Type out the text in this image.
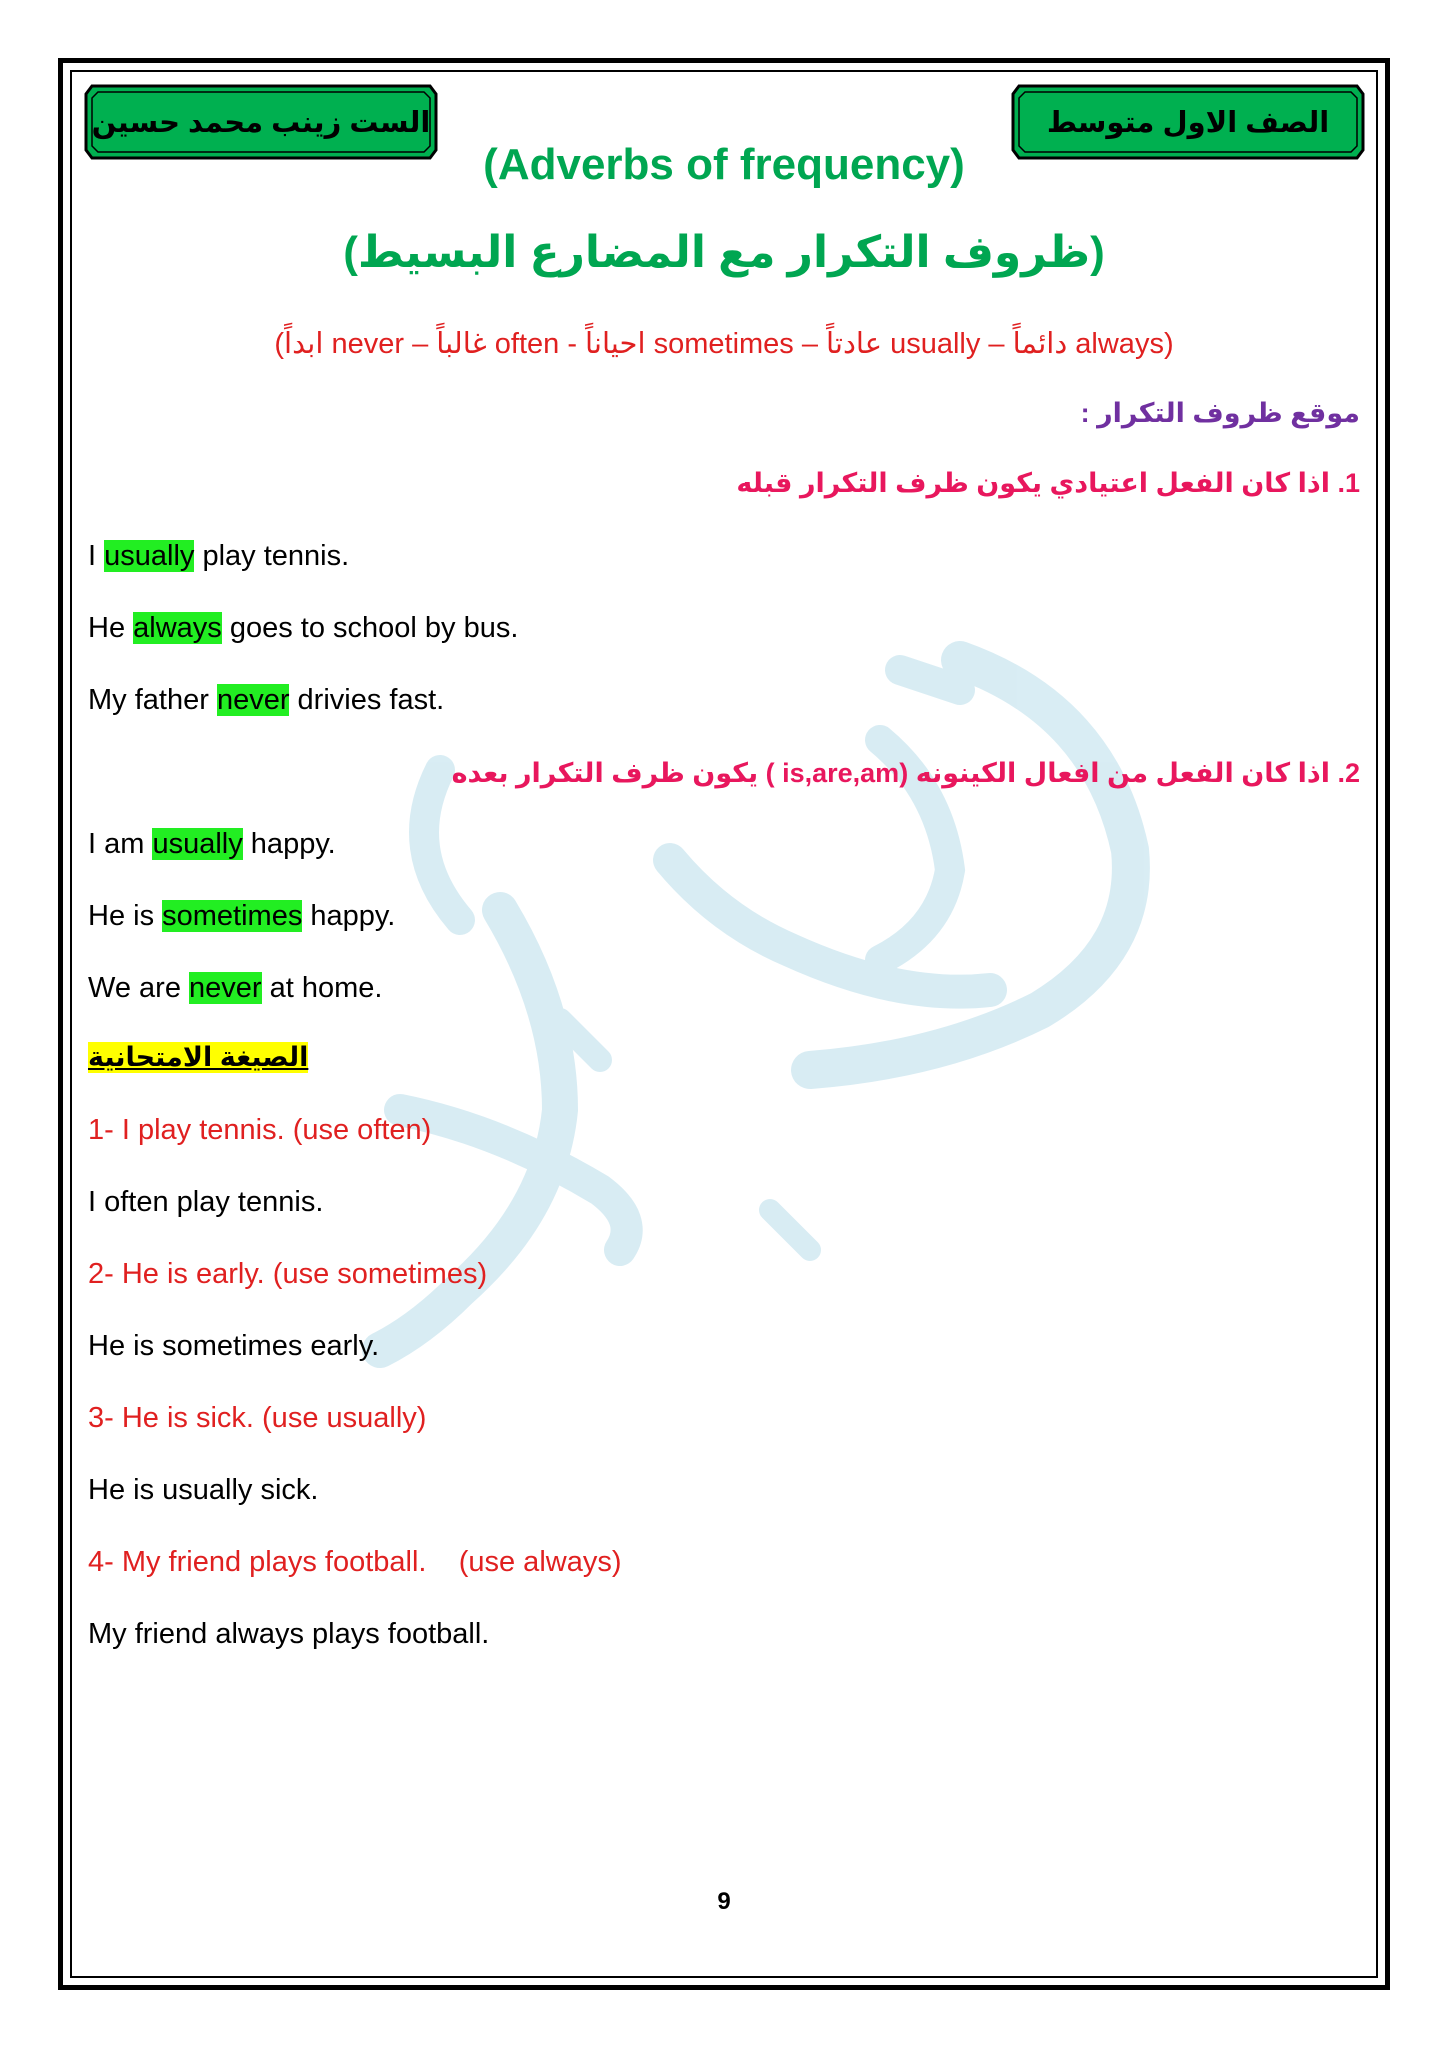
الست زينب محمد حسين	الصف الاول متوسط
(Adverbs of frequency)
(ظروف التكرار مع المضارع البسيط)
(always دائماً – usually عادتاً – sometimes احياناً - often غالباً – never ابداً)
موقع ظروف التكرار :
1. اذا كان الفعل اعتيادي يكون ظرف التكرار قبله
I usually play tennis.
He always goes to school by bus.
My father never drivies fast.
2. اذا كان الفعل من افعال الكينونه (is,are,am ) يكون ظرف التكرار بعده
I am usually happy.
He is sometimes happy.
We are never at home.
الصيغة الامتحانية
1- I play tennis. (use often)
I often play tennis.
2- He is early. (use sometimes)
He is sometimes early.
3- He is sick. (use usually)
He is usually sick.
4- My friend plays football.    (use always)
My friend always plays football.
9
